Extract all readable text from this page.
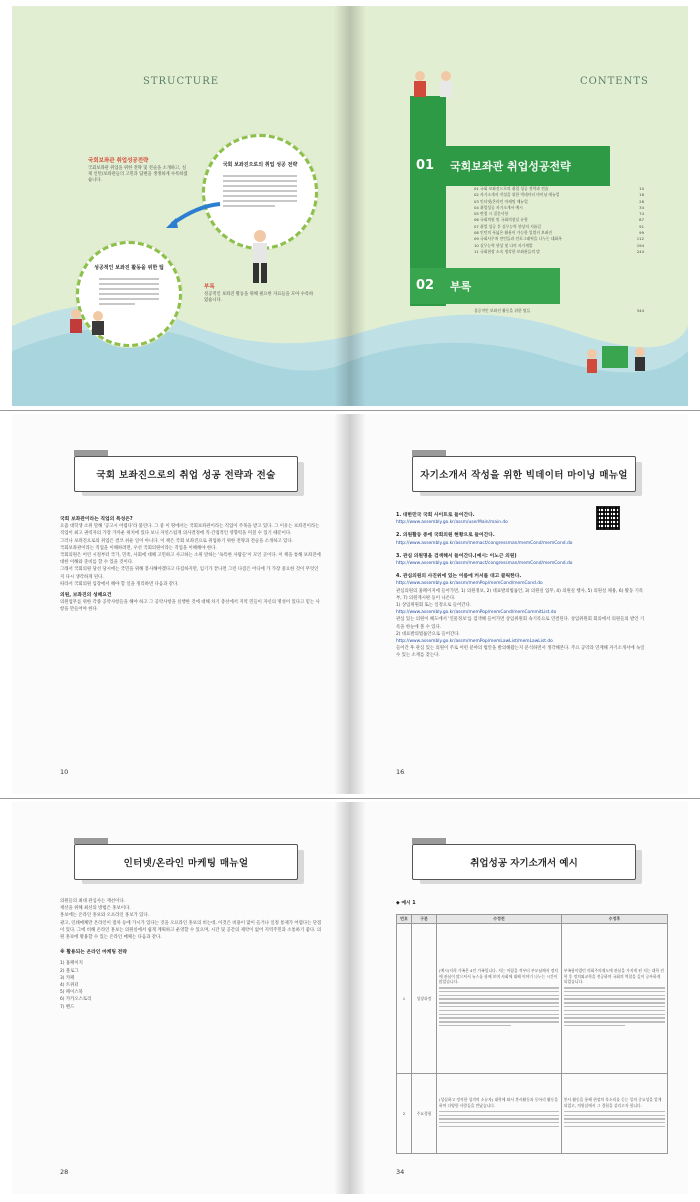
STRUCTURE
국회 보좌진으로의 취업 성공 전략
성공적인 보좌진 활동을 위한 팁
국회보좌관 취업성공전략
국회보좌관 취업을 위한 전략 및 전술을 소개하고, 실제 인턴/보좌관들의 고민과 답변을 생생하게 수록하였습니다.
부록
성공적인 보좌진 활동을 위해 필요한 자료들을 모아 수록하였습니다.
CONTENTS
01 국회보좌관 취업성공전략
01 국회 보좌진으로의 취업 성공 전략과 전술	10
02 자기소개서 작성을 위한 빅데이터 마이닝 매뉴얼	16
03 인터넷/온라인 마케팅 매뉴얼	28
04 취업성공 자기소개서 예시	34
05 면접 시 질문사항	74
06 국회의원 및 국회의장실 유형	87
07 취업 성공 후 실무능력 향상의 지름길	91
08 인턴의 폭넓은 활용이 가능한 입법지 보좌진	99
09 국회사무처 인턴들과 인포그래픽을 나누는 대화록	112
10 실무능력 향상 및 나의 자기계발	194
11 국회현장 소속 생각한 보좌관들의 말	244
02 부록
성공적인 보좌진 활동을 위한 팁들	344
국회 보좌진으로의 취업 성공 전략과 전술

국회 보좌관이라는 직업의 특성은?

요즘 대학생 소위 말해 '공고시 어렵다'라 불린다. 그 중 이 땅에서는 국회보좌관이라는 직업이 주목을 받고 있다. 그 이유는 보좌진이라는 직업이 최고 권력자의 가장 가까운 위치에 있다 보니 자연스럽게 의사결정에 직·간접적인 영향력을 미칠 수 있기 때문이다.

그러나 보좌진으로의 취업은 결코 쉬운 일이 아니다. 이 책은 국회 보좌진으로 취업하기 위한 전략과 전술을 소개하고 있다.

국회보좌관이라는 직업을 이해하려면, 우선 국회의원이라는 직업을 이해해야 한다.

국회의원은 어린 시절부터 국가, 민족, 사회에 대해 고민하고 사고하는 소위 말하는 '독특한 사람들'이 모인 곳이다. 이 책을 통해 보좌진에 대한 이해와 준비를 할 수 있을 것이다.

그래서 국회의원 당선 당시에는 국민을 위해 봉사해야겠다고 다짐하지만, 임기가 끝나면 그런 다짐은 어디에 가 가장 중요한 것이 무엇인지 다시 생각하게 된다.

따라서 국회의원 입장에서 해야 할 일을 정리하면 다음과 같다.

의원, 보좌진의 성패요건

의원업무를 위한 각종 공약사항들을 해야 하고 그 공약사항을 실행한 것에 대해 차기 총선에서 지역 민들이 자신의 명성이 있다고 믿는 사항을 만들어야 한다.

10
자기소개서 작성을 위한 빅데이터 마이닝 매뉴얼

1. 대한민국 국회 사이트로 들어간다.

http://www.assembly.go.kr/assm/userMain/main.do

2. 의원활동 중에 국회의원 현황으로 들어간다.

http://www.assembly.go.kr/assm/memact/congressman/memCond/memCond.do

3. 관심 의원명을 검색해서 들어간다.(예시: 이노근 의원)

http://www.assembly.go.kr/assm/memact/congressman/memCond/memCond.do

4. 관심의원의 사진위에 있는 이름에 커서를 대고 클릭한다.

http://www.assembly.go.kr/assm/memPop/memCond/memCond.do

관심의원의 홈페이지에 들어가면, 1) 의원정보, 2) 대표발의법률안, 3) 의원실 업무, 4) 의원실 행사, 5) 의원실 채용, 6) 활동 기록부, 7) 의원게시판 등이 나온다.

1) 상임위원회 또는 일정으로 들어간다.

http://www.assembly.go.kr/assm/memPop/memCond/memCommitList.do

관심 있는 의원이 해도에서 '인물정보'를 검색해 들어가면 상임위원회 속기록으로 연결된다. 상임위원회 회의에서 의원들의 발언 기록을 한눈에 볼 수 있다.

2) 대표발의법률안으로 들어간다.

http://www.assembly.go.kr/assm/memPop/memLawList/memLawList.do

들어간 후 관심 있는 의원이 주로 어떤 분야의 법안을 발의해왔는지 분석하면서 생각해본다. 주요 공약과 연계해 자기소개서에 녹일 수 있는 소재를 찾는다.

16
인터넷/온라인 마케팅 매뉴얼

의원들의 최대 관심사는 재선이다.

재선을 위해 최선의 방법은 홍보이다.

홍보에는 온라인 홍보와 오프라인 홍보가 있다.

광고, 인쇄매체만 온라인이 점차 등에 가시가 있다는 것을 오프라인 홍보의 비는데, 이것은 비용이 많이 들거나 일정 통제가 어렵다는 단점이 있다. 그에 비해 온라인 홍보는 의원실에서 쉽게 계획하고 운영할 수 있으며, 시간 및 공간의 제약이 없어 지역주민과 소통하기 좋다. 의원 홍보에 활용할 수 있는 온라인 매체는 다음과 같다.

※ 활용되는 온라인 마케팅 전략

1) 홈페이지

2) 블로그

3) 카페

4) 트위터

5) 페이스북

6) 카카오스토리

7) 밴드

28
취업성공 자기소개서 예시
◆ 예시 1
번호	구분	수정전	수정후
1	성장과정	(예시)저희 가족은 4인 가족입니다. 저는 어렸을 적부터 부모님께서 정치에 관심이 많으셔서 뉴스를 함께 보며 사회에 대해 이야기 나누는 시간이 많았습니다.	부족함이었던 의회주의제도에 관심을 가지게 된 저는 대학 진학 후 정치외교학을 전공하며 국회의 역할을 깊이 공부하게 되었습니다.

2	주요경험	(성실하고 정직한 성격의 소유자) 대학에 와서 봉사활동과 동아리 활동을 하며 다양한 사람들을 만났습니다.	봉사 활동을 통해 현장의 목소리를 듣는 일의 중요성을 알게 되었고, 의원실에서 그 경험을 살리고자 합니다.
34
